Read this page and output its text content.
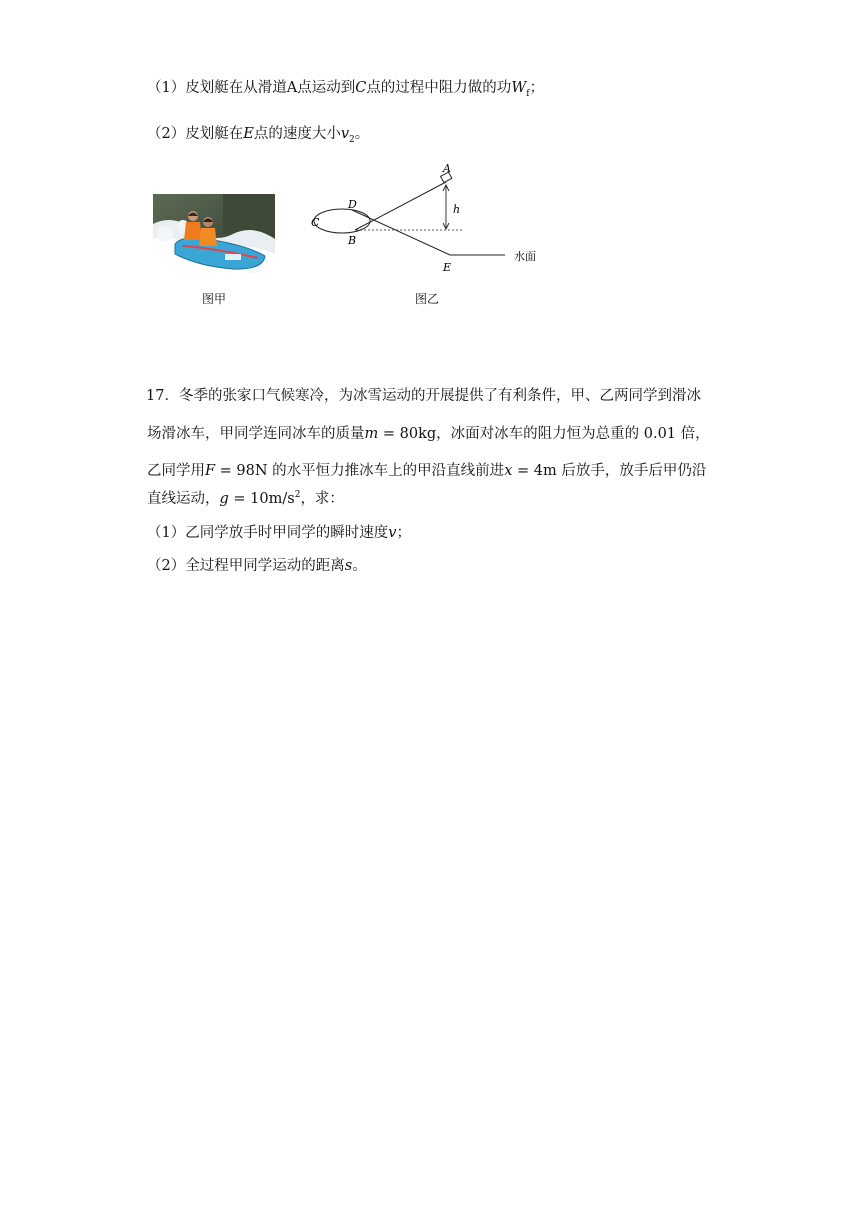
（1）皮划艇在从滑道A点运动到C点的过程中阻力做的功$W_f$；
（2）皮划艇在E点的速度大小$v_2$。
图甲
A
B
C
D
E
h
水面
图乙
17．冬季的张家口气候寒冷，为冰雪运动的开展提供了有利条件，甲、乙两同学到滑冰
场滑冰车，甲同学连同冰车的质量m = 80kg，冰面对冰车的阻力恒为总重的 0.01 倍，
乙同学用F = 98N 的水平恒力推冰车上的甲沿直线前进x = 4m 后放手，放手后甲仍沿
直线运动，$g = 10m/s^2$，求：
（1）乙同学放手时甲同学的瞬时速度v；
（2）全过程甲同学运动的距离s。
